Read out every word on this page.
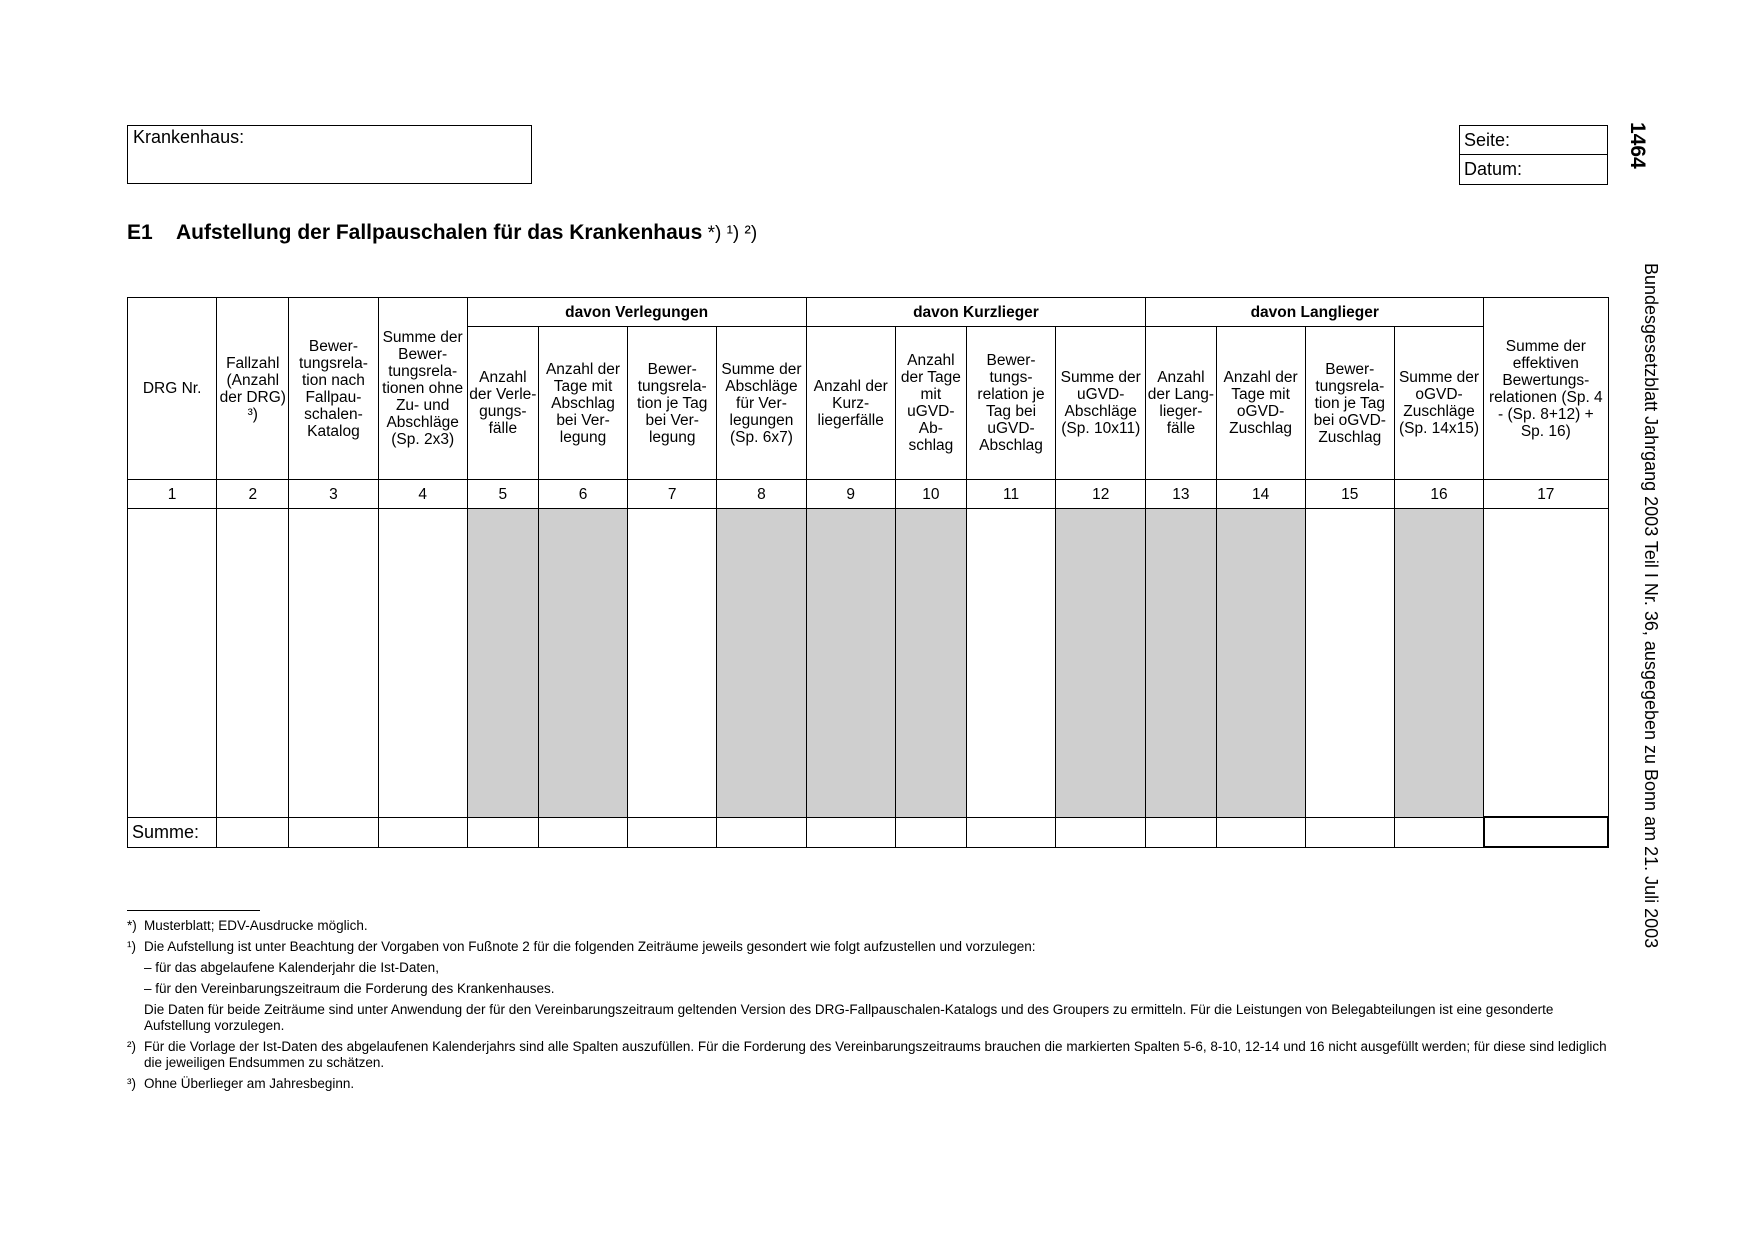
Krankenhaus:	Seite:
Datum:
1464
Bundesgesetzblatt Jahrgang 2003 Teil I Nr. 36, ausgegeben zu Bonn am 21. Juli 2003
E1 Aufstellung der Fallpauschalen für das Krankenhaus *) ¹) ²)
DRG Nr.	Fallzahl (Anzahl der DRG) ³)	Bewer-tungsrela-tion nach Fallpau-schalen-Katalog	Summe der Bewer-tungsrela-tionen ohne Zu- und Abschläge (Sp. 2x3)	davon Verlegungen				davon Kurzlieger				davon Langlieger				Summe der effektiven Bewertungs-relationen (Sp. 4 - (Sp. 8+12) + Sp. 16)
				Anzahl der Verle-gungs-fälle	Anzahl der Tage mit Abschlag bei Ver-legung	Bewer-tungsrela-tion je Tag bei Ver-legung	Summe der Abschläge für Ver-legungen (Sp. 6x7)	Anzahl der Kurz-liegerfälle	Anzahl der Tage mit uGVD-Ab-schlag	Bewer-tungs-relation je Tag bei uGVD-Abschlag	Summe der uGVD-Abschläge (Sp. 10x11)	Anzahl der Lang-lieger-fälle	Anzahl der Tage mit oGVD-Zuschlag	Bewer-tungsrela-tion je Tag bei oGVD-Zuschlag	Summe der oGVD-Zuschläge (Sp. 14x15)	
1	2	3	4	5	6	7	8	9	10	11	12	13	14	15	16	17

Summe:																
*) Musterblatt; EDV-Ausdrucke möglich.
¹) Die Aufstellung ist unter Beachtung der Vorgaben von Fußnote 2 für die folgenden Zeiträume jeweils gesondert wie folgt aufzustellen und vorzulegen:

– für das abgelaufene Kalenderjahr die Ist-Daten,

– für den Vereinbarungszeitraum die Forderung des Krankenhauses.

Die Daten für beide Zeiträume sind unter Anwendung der für den Vereinbarungszeitraum geltenden Version des DRG-Fallpauschalen-Katalogs und des Groupers zu ermitteln. Für die Leistungen von Belegabteilungen ist eine gesonderte Aufstellung vorzulegen.

²) Für die Vorlage der Ist-Daten des abgelaufenen Kalenderjahrs sind alle Spalten auszufüllen. Für die Forderung des Vereinbarungszeitraums brauchen die markierten Spalten 5-6, 8-10, 12-14 und 16 nicht ausgefüllt werden; für diese sind lediglich die jeweiligen Endsummen zu schätzen.
³) Ohne Überlieger am Jahresbeginn.
